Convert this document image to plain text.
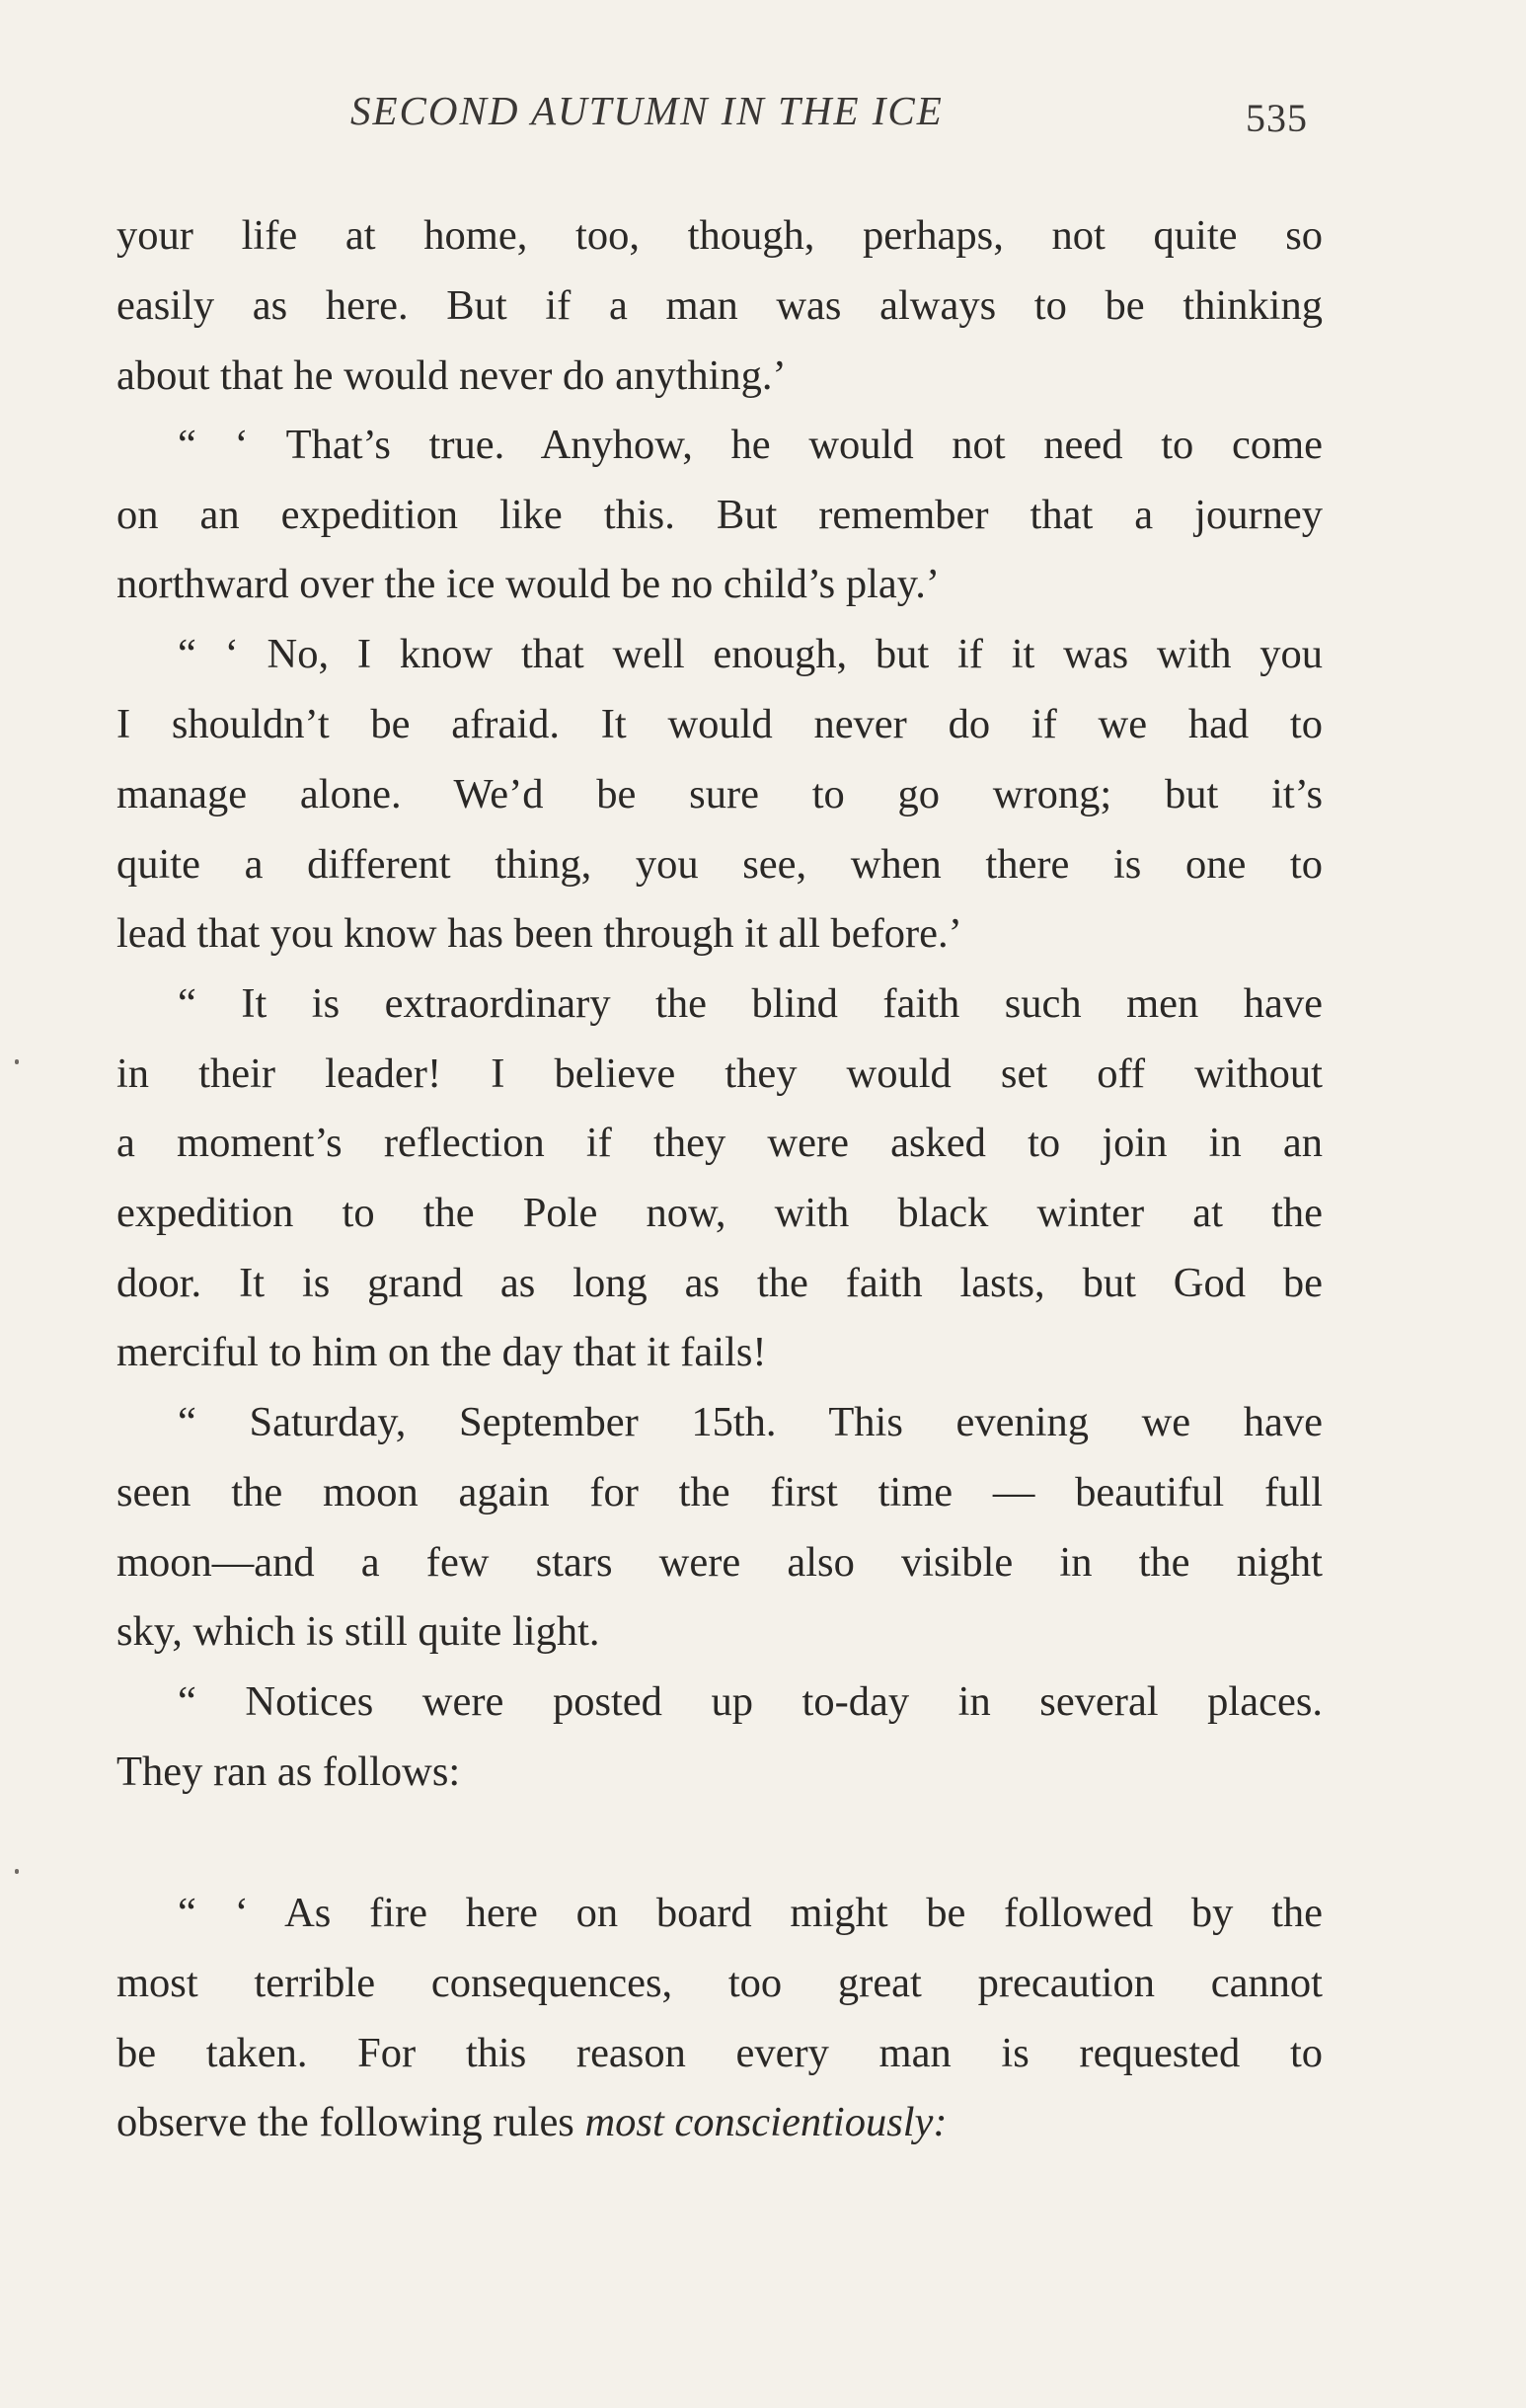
SECOND AUTUMN IN THE ICE	535
your life at home, too, though, perhaps, not quite so
easily as here. But if a man was always to be thinking
about that he would never do anything.’
“ ‘ That’s true. Anyhow, he would not need to come
on an expedition like this. But remember that a journey
northward over the ice would be no child’s play.’
“ ‘ No, I know that well enough, but if it was with you
I shouldn’t be afraid. It would never do if we had to
manage alone. We’d be sure to go wrong; but it’s
quite a different thing, you see, when there is one to
lead that you know has been through it all before.’
“ It is extraordinary the blind faith such men have
in their leader! I believe they would set off without
a moment’s reflection if they were asked to join in an
expedition to the Pole now, with black winter at the
door. It is grand as long as the faith lasts, but God be
merciful to him on the day that it fails!
“ Saturday, September 15th. This evening we have
seen the moon again for the first time — beautiful full
moon—and a few stars were also visible in the night
sky, which is still quite light.
“ Notices were posted up to-day in several places.
They ran as follows:
“ ‘ As fire here on board might be followed by the
most terrible consequences, too great precaution cannot
be taken. For this reason every man is requested to
observe the following rules most conscientiously:
